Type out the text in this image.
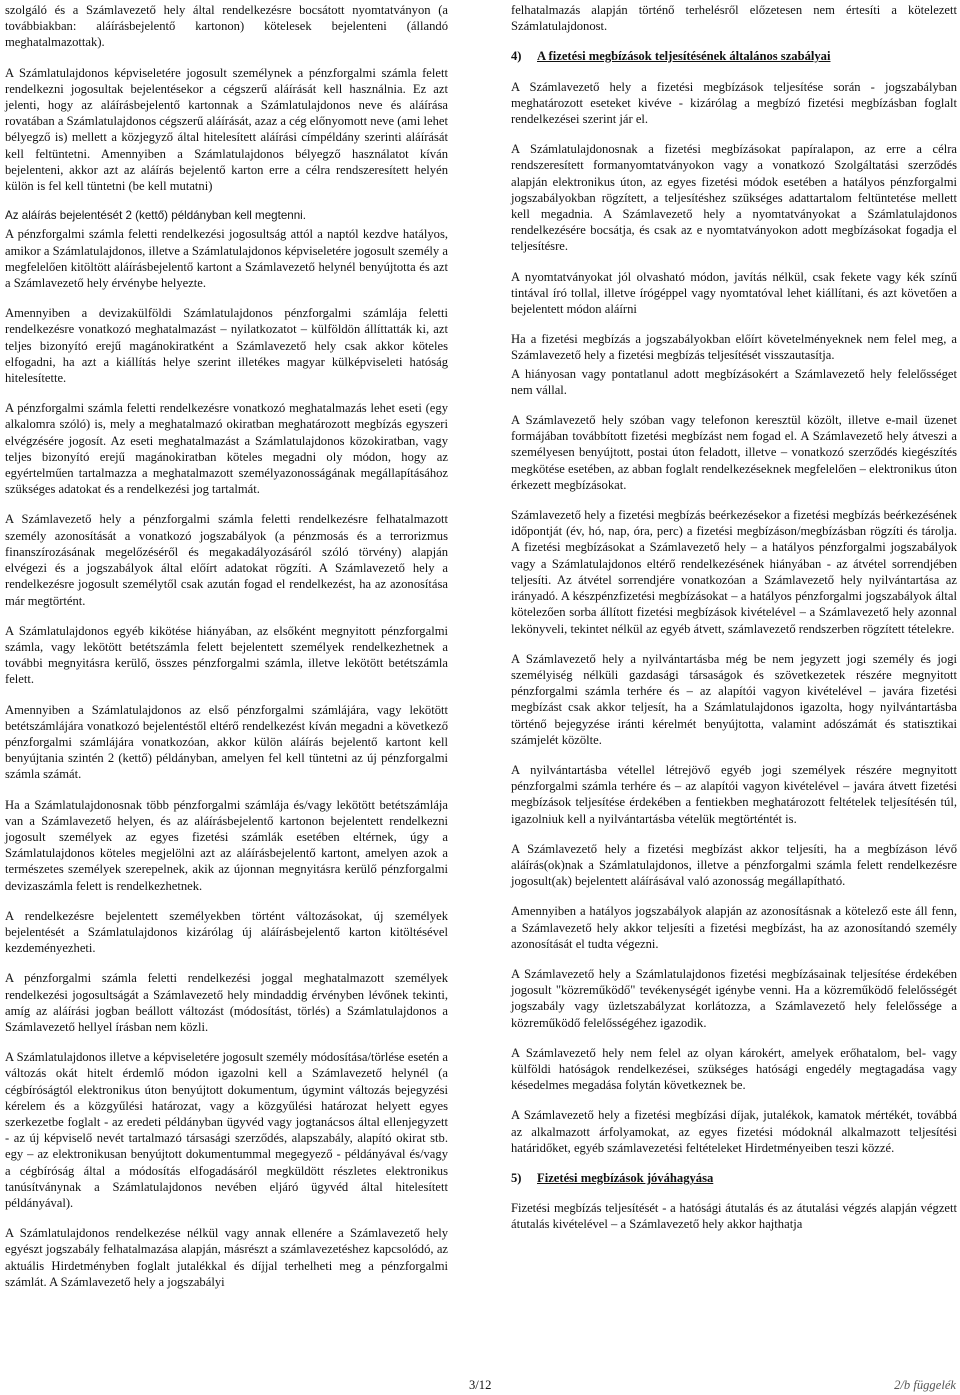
szolgáló és a Számlavezető hely által rendelkezésre bocsátott nyomtatványon (a továbbiakban: aláírásbejelentő kartonon) kötelesek bejelenteni (állandó meghatalmazottak).

A Számlatulajdonos képviseletére jogosult személynek a pénzforgalmi számla felett rendelkezni jogosultak bejelentésekor a cégszerű aláírását kell használnia. Ez azt jelenti, hogy az aláírásbejelentő kartonnak a Számlatulajdonos neve és aláírása rovatában a Számlatulajdonos cégszerű aláírását, azaz a cég előnyomott neve (ami lehet bélyegző is) mellett a közjegyző által hitelesített aláírási címpéldány szerinti aláírását kell feltüntetni. Amennyiben a Számlatulajdonos bélyegző használatot kíván bejelenteni, akkor azt az aláírás bejelentő karton erre a célra rendszeresített helyén külön is fel kell tüntetni (be kell mutatni)

Az aláírás bejelentését 2 (kettő) példányban kell megtenni.

A pénzforgalmi számla feletti rendelkezési jogosultság attól a naptól kezdve hatályos, amikor a Számlatulajdonos, illetve a Számlatulajdonos képviseletére jogosult személy a megfelelően kitöltött aláírásbejelentő kartont a Számlavezető helynél benyújtotta és azt a Számlavezető hely érvénybe helyezte.

Amennyiben a devizakülföldi Számlatulajdonos pénzforgalmi számlája feletti rendelkezésre vonatkozó meghatalmazást – nyilatkozatot – külföldön állíttatták ki, azt teljes bizonyító erejű magánokiratként a Számlavezető hely csak akkor köteles elfogadni, ha azt a kiállítás helye szerint illetékes magyar külképviseleti hatóság hitelesítette.

A pénzforgalmi számla feletti rendelkezésre vonatkozó meghatalmazás lehet eseti (egy alkalomra szóló) is, mely a meghatalmazó okiratban meghatározott megbízás egyszeri elvégzésére jogosít. Az eseti meghatalmazást a Számlatulajdonos közokiratban, vagy teljes bizonyító erejű magánokiratban köteles megadni oly módon, hogy az egyértelműen tartalmazza a meghatalmazott személyazonosságának megállapításához szükséges adatokat és a rendelkezési jog tartalmát.

A Számlavezető hely a pénzforgalmi számla feletti rendelkezésre felhatalmazott személy azonosítását a vonatkozó jogszabályok (a pénzmosás és a terrorizmus finanszírozásának megelőzéséről és megakadályozásáról szóló törvény) alapján elvégezi és a jogszabályok által előírt adatokat rögzíti. A Számlavezető hely a rendelkezésre jogosult személytől csak azután fogad el rendelkezést, ha az azonosítása már megtörtént.

A Számlatulajdonos egyéb kikötése hiányában, az elsőként megnyitott pénzforgalmi számla, vagy lekötött betétszámla felett bejelentett személyek rendelkezhetnek a további megnyitásra kerülő, összes pénzforgalmi számla, illetve lekötött betétszámla felett.

Amennyiben a Számlatulajdonos az első pénzforgalmi számlájára, vagy lekötött betétszámlájára vonatkozó bejelentéstől eltérő rendelkezést kíván megadni a következő pénzforgalmi számlájára vonatkozóan, akkor külön aláírás bejelentő kartont kell benyújtania szintén 2 (kettő) példányban, amelyen fel kell tüntetni az új pénzforgalmi számla számát.

Ha a Számlatulajdonosnak több pénzforgalmi számlája és/vagy lekötött betétszámlája van a Számlavezető helyen, és az aláírásbejelentő kartonon bejelentett rendelkezni jogosult személyek az egyes fizetési számlák esetében eltérnek, úgy a Számlatulajdonos köteles megjelölni azt az aláírásbejelentő kartont, amelyen azok a természetes személyek szerepelnek, akik az újonnan megnyitásra kerülő pénzforgalmi devizaszámla felett is rendelkezhetnek.

A rendelkezésre bejelentett személyekben történt változásokat, új személyek bejelentését a Számlatulajdonos kizárólag új aláírásbejelentő karton kitöltésével kezdeményezheti.

A pénzforgalmi számla feletti rendelkezési joggal meghatalmazott személyek rendelkezési jogosultságát a Számlavezető hely mindaddig érvényben lévőnek tekinti, amíg az aláírási jogban beállott változást (módosítást, törlés) a Számlatulajdonos a Számlavezető hellyel írásban nem közli.

A Számlatulajdonos illetve a képviseletére jogosult személy módosítása/törlése esetén a változás okát hitelt érdemlő módon igazolni kell a Számlavezető helynél (a cégbíróságtól elektronikus úton benyújtott dokumentum, úgymint változás bejegyzési kérelem és a közgyűlési határozat, vagy a közgyűlési határozat helyett egyes szerkezetbe foglalt - az eredeti példányban ügyvéd vagy jogtanácsos által ellenjegyzett - az új képviselő nevét tartalmazó társasági szerződés, alapszabály, alapító okirat stb. egy – az elektronikusan benyújtott dokumentummal megegyező - példányával és/vagy a cégbíróság által a módosítás elfogadásáról megküldött részletes elektronikus tanúsítványnak a Számlatulajdonos nevében eljáró ügyvéd által hitelesített példányával).

A Számlatulajdonos rendelkezése nélkül vagy annak ellenére a Számlavezető hely egyészt jogszabály felhatalmazása alapján, másrészt a számlavezetéshez kapcsolódó, az aktuális Hirdetményben foglalt jutalékkal és díjjal terhelheti meg a pénzforgalmi számlát. A Számlavezető hely a jogszabályi

felhatalmazás alapján történő terhelésről előzetesen nem értesíti a kötelezett Számlatulajdonost.

4) A fizetési megbízások teljesítésének általános szabályai

A Számlavezető hely a fizetési megbízások teljesítése során - jogszabályban meghatározott eseteket kivéve - kizárólag a megbízó fizetési megbízásban foglalt rendelkezései szerint jár el.

A Számlatulajdonosnak a fizetési megbízásokat papíralapon, az erre a célra rendszeresített formanyomtatványokon vagy a vonatkozó Szolgáltatási szerződés alapján elektronikus úton, az egyes fizetési módok esetében a hatályos pénzforgalmi jogszabályokban rögzített, a teljesítéshez szükséges adattartalom feltüntetése mellett kell megadnia. A Számlavezető hely a nyomtatványokat a Számlatulajdonos rendelkezésére bocsátja, és csak az e nyomtatványokon adott megbízásokat fogadja el teljesítésre.

A nyomtatványokat jól olvasható módon, javítás nélkül, csak fekete vagy kék színű tintával író tollal, illetve írógéppel vagy nyomtatóval lehet kiállítani, és azt követően a bejelentett módon aláírni

Ha a fizetési megbízás a jogszabályokban előírt követelményeknek nem felel meg, a Számlavezető hely a fizetési megbízás teljesítését visszautasítja.

A hiányosan vagy pontatlanul adott megbízásokért a Számlavezető hely felelősséget nem vállal.

A Számlavezető hely szóban vagy telefonon keresztül közölt, illetve e-mail üzenet formájában továbbított fizetési megbízást nem fogad el. A Számlavezető hely átveszi a személyesen benyújtott, postai úton feladott, illetve – vonatkozó szerződés kiegészítés megkötése esetében, az abban foglalt rendelkezéseknek megfelelően – elektronikus úton érkezett megbízásokat.

Számlavezető hely a fizetési megbízás beérkezésekor a fizetési megbízás beérkezésének időpontját (év, hó, nap, óra, perc) a fizetési megbízáson/megbízásban rögzíti és tárolja. A fizetési megbízásokat a Számlavezető hely – a hatályos pénzforgalmi jogszabályok vagy a Számlatulajdonos eltérő rendelkezésének hiányában - az átvétel sorrendjében teljesíti. Az átvétel sorrendjére vonatkozóan a Számlavezető hely nyilvántartása az irányadó. A készpénzfizetési megbízásokat – a hatályos pénzforgalmi jogszabályok által kötelezően sorba állított fizetési megbízások kivételével – a Számlavezető hely azonnal lekönyveli, tekintet nélkül az egyéb átvett, számlavezető rendszerben rögzített tételekre.

A Számlavezető hely a nyilvántartásba még be nem jegyzett jogi személy és jogi személyiség nélküli gazdasági társaságok és szövetkezetek részére megnyitott pénzforgalmi számla terhére és – az alapítói vagyon kivételével – javára fizetési megbízást csak akkor teljesít, ha a Számlatulajdonos igazolta, hogy nyilvántartásba történő bejegyzése iránti kérelmét benyújtotta, valamint adószámát és statisztikai számjelét közölte.

A nyilvántartásba vétellel létrejövő egyéb jogi személyek részére megnyitott pénzforgalmi számla terhére és – az alapítói vagyon kivételével – javára átvett fizetési megbízások teljesítése érdekében a fentiekben meghatározott feltételek teljesítésén túl, igazolniuk kell a nyilvántartásba vételük megtörténtét is.

A Számlavezető hely a fizetési megbízást akkor teljesíti, ha a megbízáson lévő aláírás(ok)nak a Számlatulajdonos, illetve a pénzforgalmi számla felett rendelkezésre jogosult(ak) bejelentett aláírásával való azonosság megállapítható.

Amennyiben a hatályos jogszabályok alapján az azonosításnak a kötelező este áll fenn, a Számlavezető hely akkor teljesíti a fizetési megbízást, ha az azonosítandó személy azonosítását el tudta végezni.

A Számlavezető hely a Számlatulajdonos fizetési megbízásainak teljesítése érdekében jogosult "közreműködő" tevékenységét igénybe venni. Ha a közreműködő felelősségét jogszabály vagy üzletszabályzat korlátozza, a Számlavezető hely felelőssége a közreműködő felelősségéhez igazodik.

A Számlavezető hely nem felel az olyan károkért, amelyek erőhatalom, bel- vagy külföldi hatóságok rendelkezései, szükséges hatósági engedély megtagadása vagy késedelmes megadása folytán következnek be.

A Számlavezető hely a fizetési megbízási díjak, jutalékok, kamatok mértékét, továbbá az alkalmazott árfolyamokat, az egyes fizetési módoknál alkalmazott teljesítési határidőket, egyéb számlavezetési feltételeket Hirdetményeiben teszi közzé.

5) Fizetési megbízások jóváhagyása

Fizetési megbízás teljesítését - a hatósági átutalás és az átutalási végzés alapján végzett átutalás kivételével – a Számlavezető hely akkor hajthatja

3/12	2/b függelék
